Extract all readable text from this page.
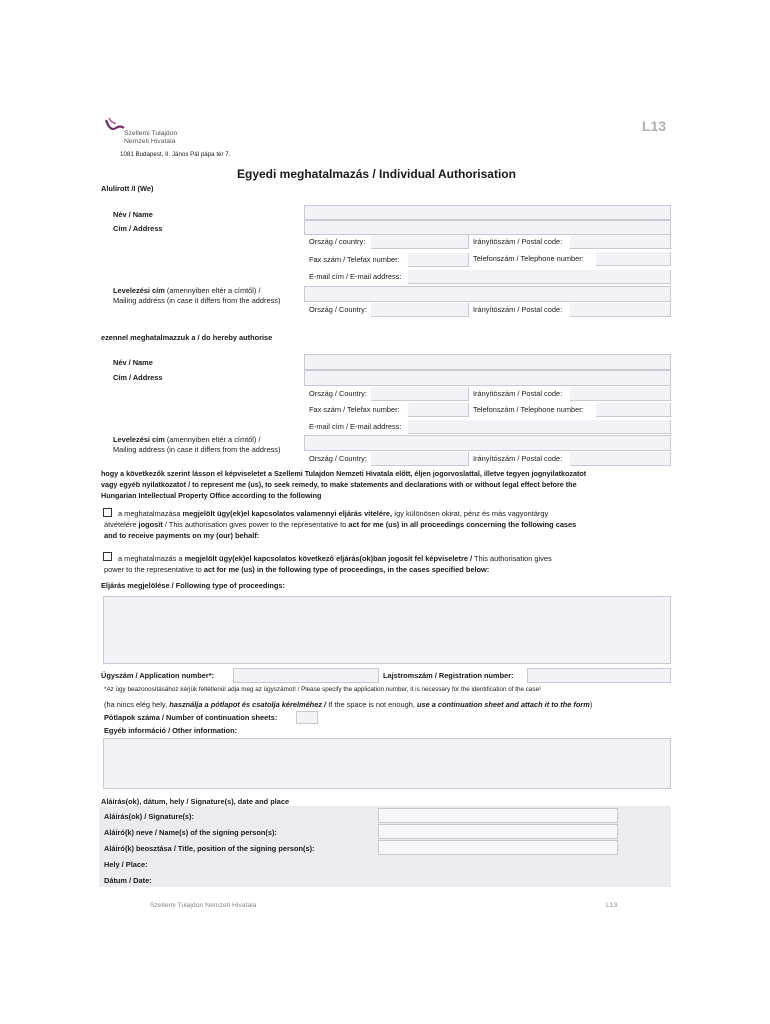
Szellemi Tulajdon
Nemzeti Hivatala
1081 Budapest, II. János Pál pápa tér 7.
L13
Egyedi meghatalmazás / Individual Authorisation
Alulírott /I (We)
Név / Name
Cím / Address
Ország / country:	Irányítószám / Postal code:
Fax szám / Telefax number:	Telefonszám / Telephone number:
E-mail cím / E-mail address:
Levelezési cím (amennyiben eltér a címtől) /
Mailing address (in case it differs from the address)
Ország / Country:	Irányítószám / Postal code:
ezennel meghatalmazzuk a / do hereby authorise
Név / Name
Cím / Address
Ország / Country:	Irányítószám / Postal code:
Fax szám / Telefax number:	Telefonszám / Telephone number:
E-mail cím / E-mail address:
Levelezési cím (amennyiben eltér a címtől) /
Mailing address (in case it differs from the address)
Ország / Country:	Irányítószám / Postal code:
hogy a következők szerint lásson el képviseletet a Szellemi Tulajdon Nemzeti Hivatala előtt, éljen jogorvoslattal, illetve tegyen jognyilatkozatot
vagy egyéb nyilatkozatot / to represent me (us), to seek remedy, to make statements and declarations with or without legal effect before the
Hungarian Intellectual Property Office according to the following
a meghatalmazása megjelölt ügy(ek)el kapcsolatos valamennyi eljárás vitelére, így különösen okirat, pénz és más vagyontárgy
átvételére jogosít / This authorisation gives power to the representative to act for me (us) in all proceedings concerning the following cases
and to receive payments on my (our) behalf:
a meghatalmazás a megjelölt ügy(ek)el kapcsolatos következő eljárás(ok)ban jogosít fel képviseletre / This authorisation gives
power to the representative to act for me (us) in the following type of proceedings, in the cases specified below:
Eljárás megjelölése / Following type of proceedings:
Ügyszám / Application number*:	Lajstromszám / Registration number:
*Az ügy beazonosításához kérjük feltétlenül adja meg az ügyszámot! / Please specify the application number, it is necessary for the identification of the case!
(ha nincs elég hely, használja a pótlapot és csatolja kérelméhez / If the space is not enough, use a continuation sheet and attach it to the form)
Pótlapok száma / Number of continuation sheets:
Egyéb információ / Other information:
Aláírás(ok), dátum, hely / Signature(s), date and place
Aláírás(ok) / Signature(s):
Aláíró(k) neve / Name(s) of the signing person(s):
Aláíró(k) beosztása / Title, position of the signing person(s):
Hely / Place:
Dátum / Date:
Szellemi Tulajdon Nemzeti Hivatala	L13
